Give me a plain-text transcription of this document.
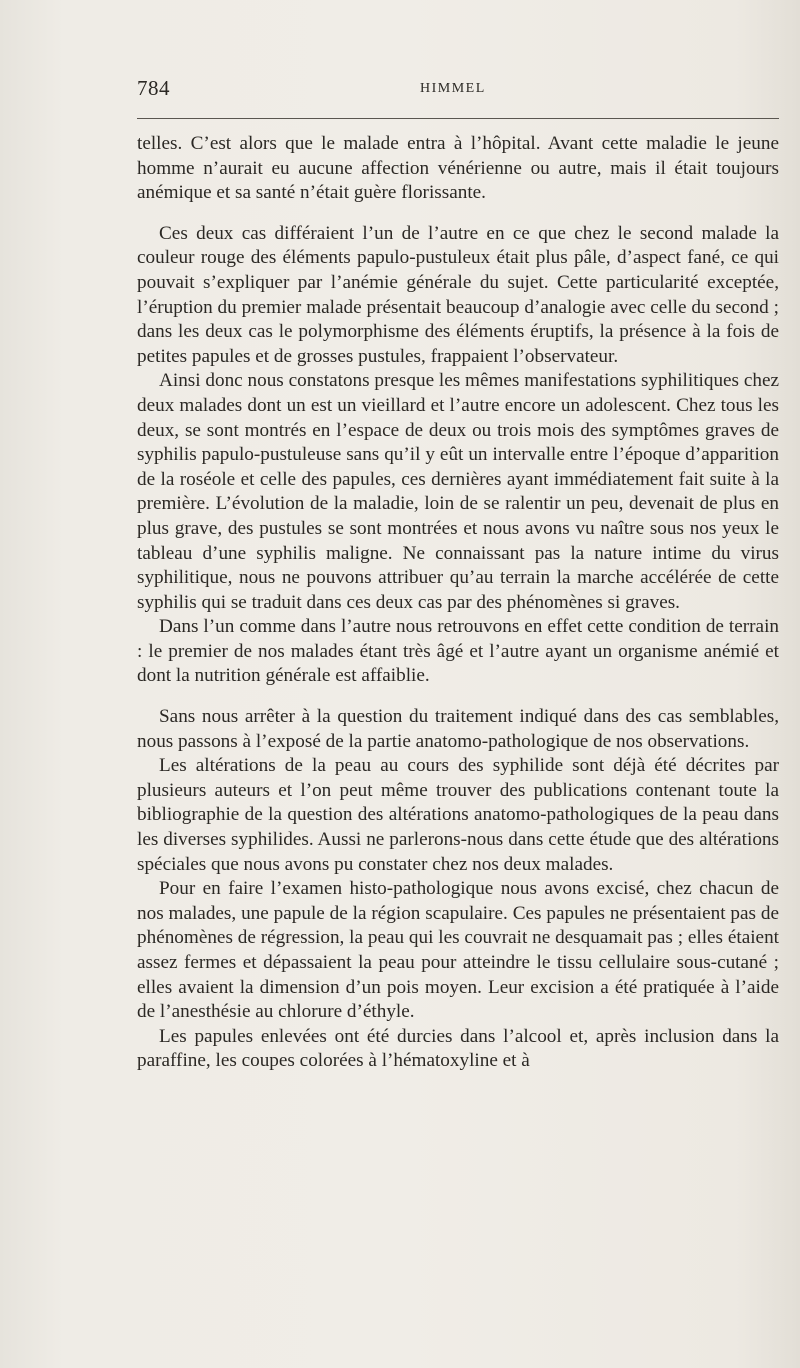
784	HIMMEL

telles. C’est alors que le malade entra à l’hôpital. Avant cette maladie le jeune homme n’aurait eu aucune affection vénérienne ou autre, mais il était toujours anémique et sa santé n’était guère florissante.

Ces deux cas différaient l’un de l’autre en ce que chez le second malade la couleur rouge des éléments papulo-pustuleux était plus pâle, d’aspect fané, ce qui pouvait s’expliquer par l’anémie générale du sujet. Cette particularité exceptée, l’éruption du premier malade présentait beaucoup d’analogie avec celle du second ; dans les deux cas le polymorphisme des éléments éruptifs, la présence à la fois de petites papules et de grosses pustules, frappaient l’observateur.

Ainsi donc nous constatons presque les mêmes manifestations syphilitiques chez deux malades dont un est un vieillard et l’autre encore un adolescent. Chez tous les deux, se sont montrés en l’espace de deux ou trois mois des symptômes graves de syphilis papulo-pustuleuse sans qu’il y eût un intervalle entre l’époque d’apparition de la roséole et celle des papules, ces dernières ayant immédiatement fait suite à la première. L’évolution de la maladie, loin de se ralentir un peu, devenait de plus en plus grave, des pustules se sont montrées et nous avons vu naître sous nos yeux le tableau d’une syphilis maligne. Ne connaissant pas la nature intime du virus syphilitique, nous ne pouvons attribuer qu’au terrain la marche accélérée de cette syphilis qui se traduit dans ces deux cas par des phénomènes si graves.

Dans l’un comme dans l’autre nous retrouvons en effet cette condition de terrain : le premier de nos malades étant très âgé et l’autre ayant un organisme anémié et dont la nutrition générale est affaiblie.

Sans nous arrêter à la question du traitement indiqué dans des cas semblables, nous passons à l’exposé de la partie anatomo-pathologique de nos observations.

Les altérations de la peau au cours des syphilide sont déjà été décrites par plusieurs auteurs et l’on peut même trouver des publications contenant toute la bibliographie de la question des altérations anatomo-pathologiques de la peau dans les diverses syphilides. Aussi ne parlerons-nous dans cette étude que des altérations spéciales que nous avons pu constater chez nos deux malades.

Pour en faire l’examen histo-pathologique nous avons excisé, chez chacun de nos malades, une papule de la région scapulaire. Ces papules ne présentaient pas de phénomènes de régression, la peau qui les couvrait ne desquamait pas ; elles étaient assez fermes et dépassaient la peau pour atteindre le tissu cellulaire sous-cutané ; elles avaient la dimension d’un pois moyen. Leur excision a été pratiquée à l’aide de l’anesthésie au chlorure d’éthyle.

Les papules enlevées ont été durcies dans l’alcool et, après inclusion dans la paraffine, les coupes colorées à l’hématoxyline et à
